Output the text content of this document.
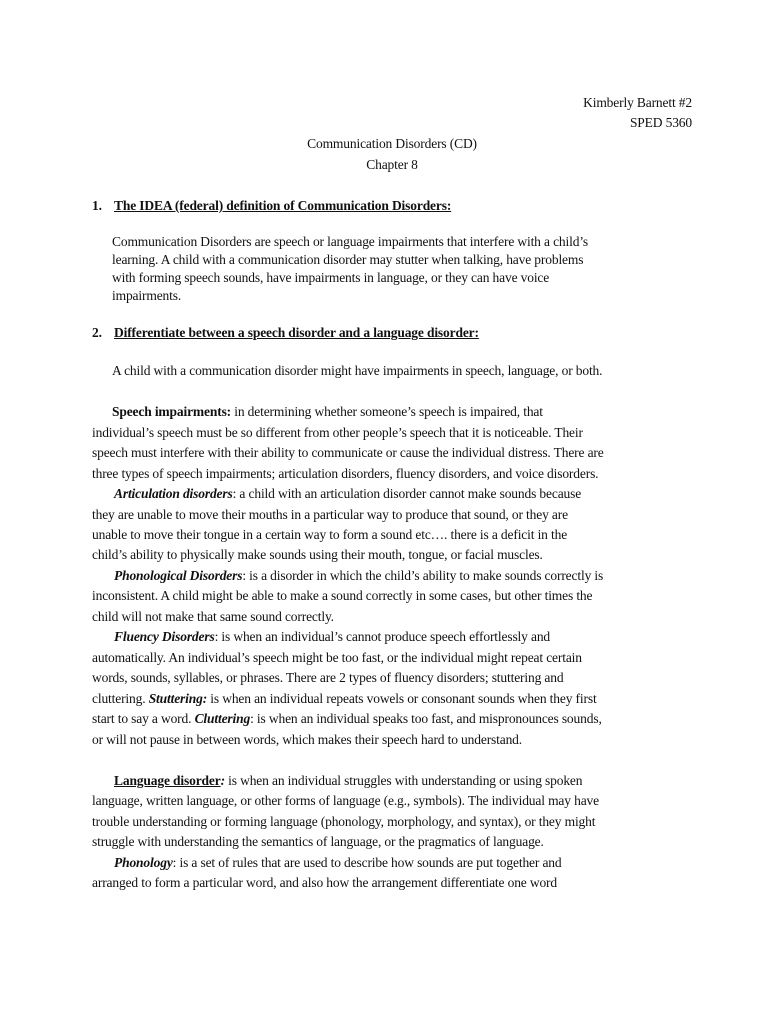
Kimberly Barnett #2
SPED 5360
Communication Disorders (CD)
Chapter 8
1. The IDEA (federal) definition of Communication Disorders:
Communication Disorders are speech or language impairments that interfere with a child’s
learning. A child with a communication disorder may stutter when talking, have problems
with forming speech sounds, have impairments in language, or they can have voice
impairments.
2. Differentiate between a speech disorder and a language disorder:
A child with a communication disorder might have impairments in speech, language, or both.
Speech impairments: in determining whether someone’s speech is impaired, that
individual’s speech must be so different from other people’s speech that it is noticeable. Their
speech must interfere with their ability to communicate or cause the individual distress. There are
three types of speech impairments; articulation disorders, fluency disorders, and voice disorders.
Articulation disorders: a child with an articulation disorder cannot make sounds because
they are unable to move their mouths in a particular way to produce that sound, or they are
unable to move their tongue in a certain way to form a sound etc…. there is a deficit in the
child’s ability to physically make sounds using their mouth, tongue, or facial muscles.
Phonological Disorders: is a disorder in which the child’s ability to make sounds correctly is
inconsistent. A child might be able to make a sound correctly in some cases, but other times the
child will not make that same sound correctly.
Fluency Disorders: is when an individual’s cannot produce speech effortlessly and
automatically. An individual’s speech might be too fast, or the individual might repeat certain
words, sounds, syllables, or phrases. There are 2 types of fluency disorders; stuttering and
cluttering. Stuttering: is when an individual repeats vowels or consonant sounds when they first
start to say a word. Cluttering: is when an individual speaks too fast, and mispronounces sounds,
or will not pause in between words, which makes their speech hard to understand.
Language disorder: is when an individual struggles with understanding or using spoken
language, written language, or other forms of language (e.g., symbols). The individual may have
trouble understanding or forming language (phonology, morphology, and syntax), or they might
struggle with understanding the semantics of language, or the pragmatics of language.
Phonology: is a set of rules that are used to describe how sounds are put together and
arranged to form a particular word, and also how the arrangement differentiate one word
